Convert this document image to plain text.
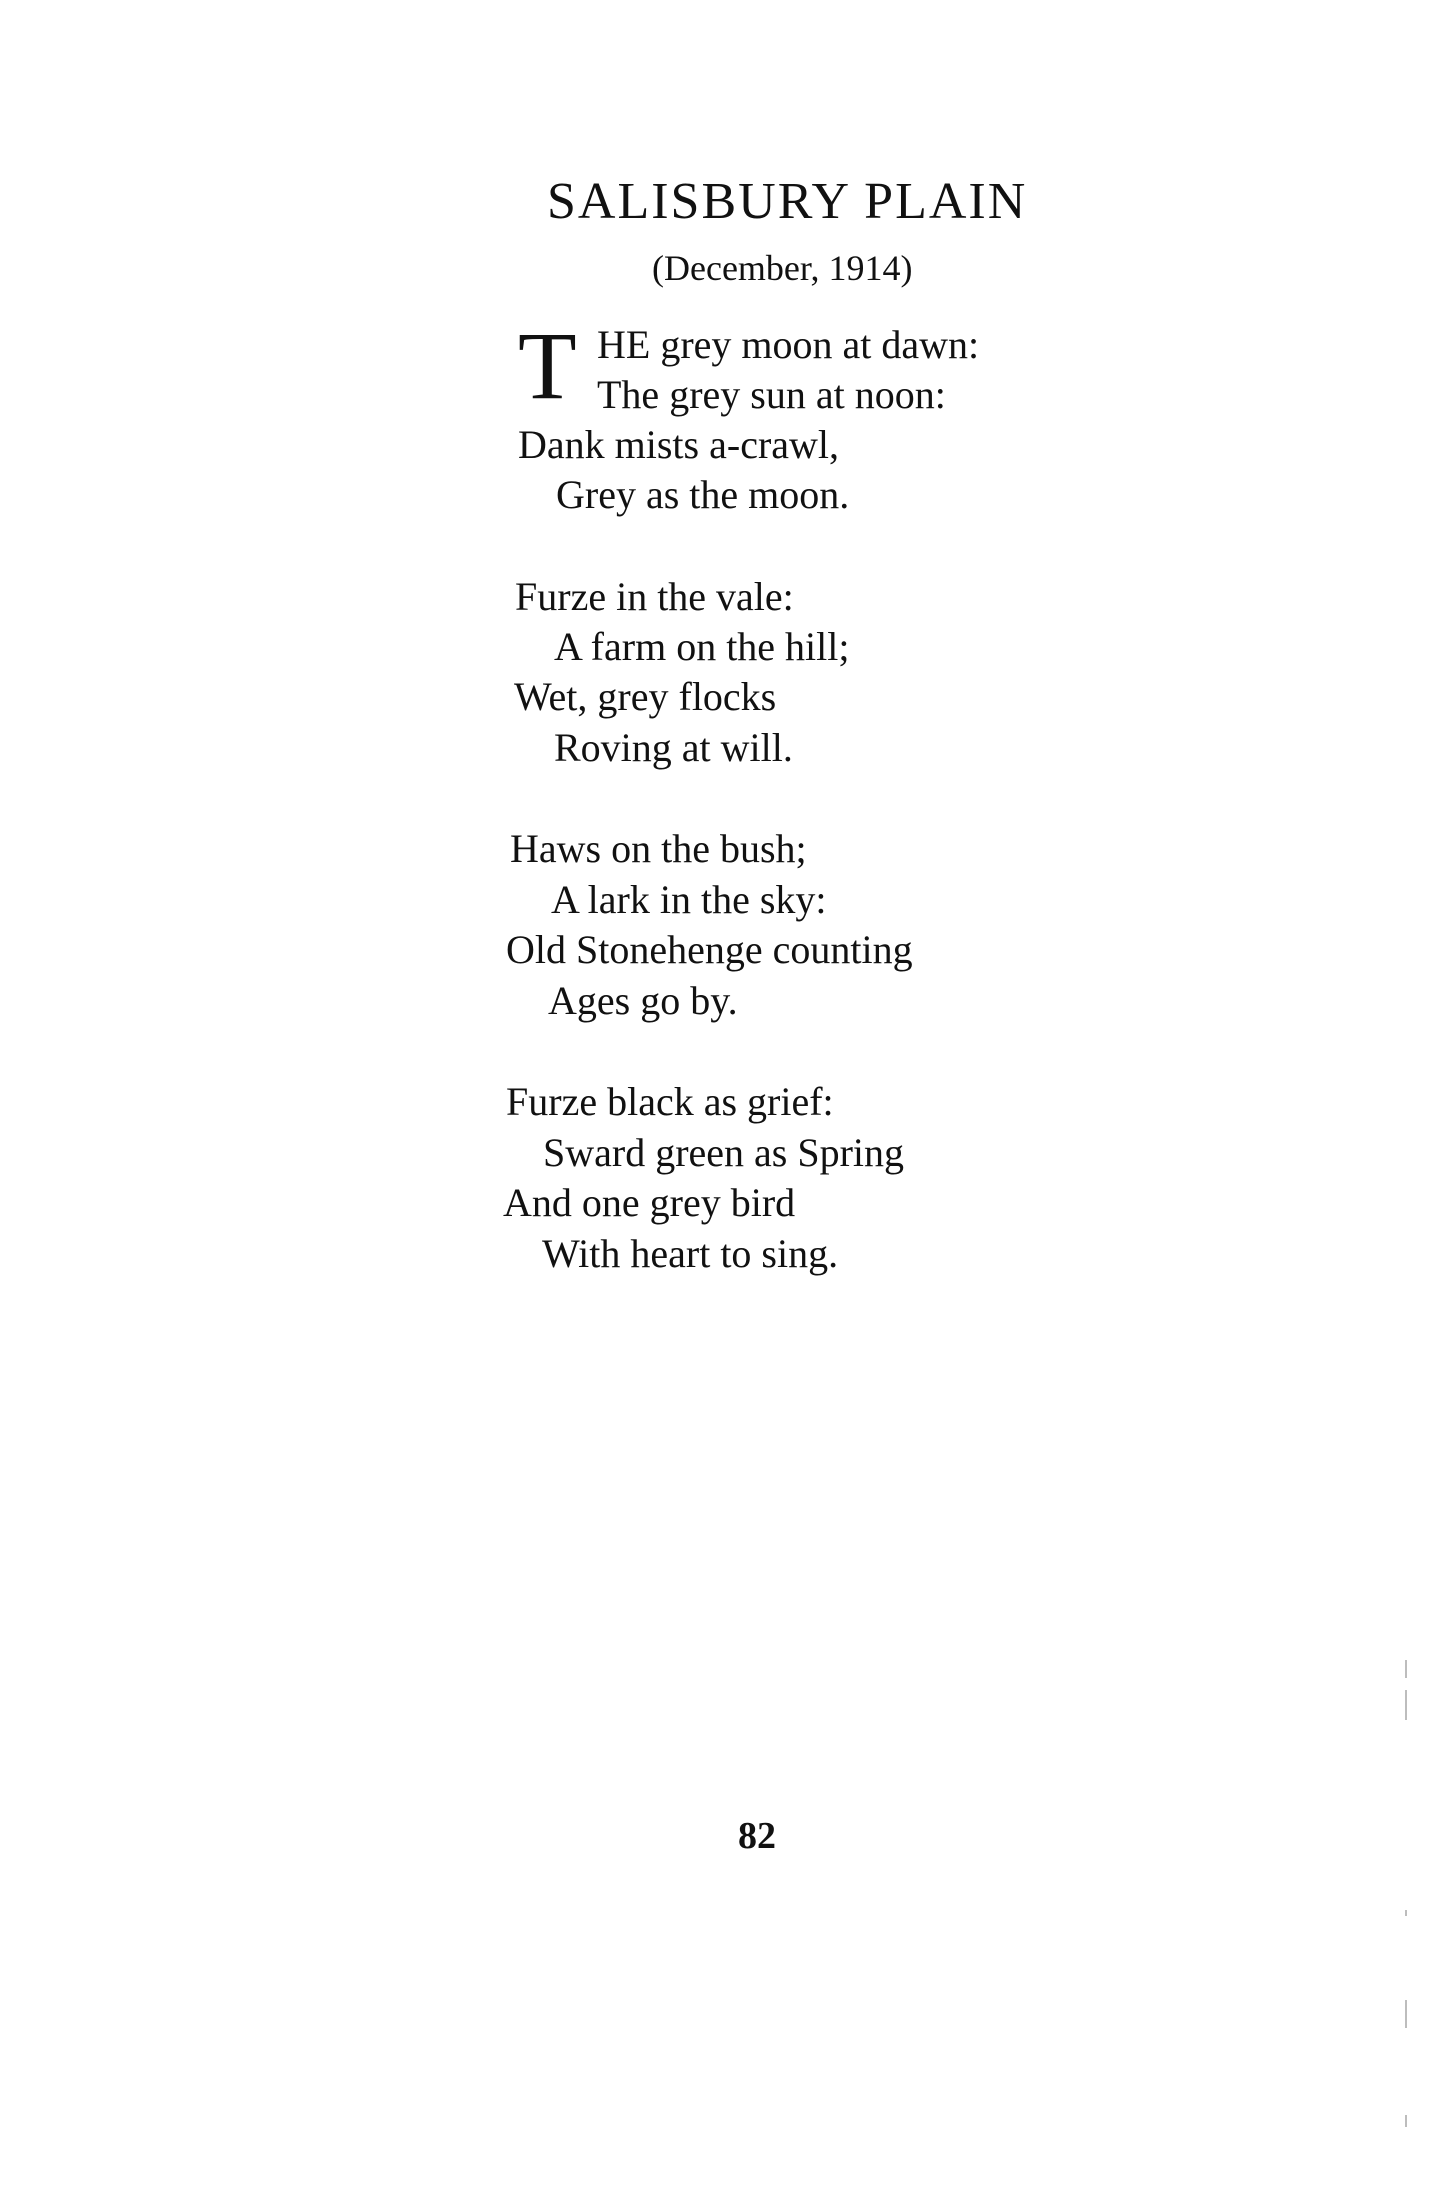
SALISBURY PLAIN
(December, 1914)
T HE grey moon at dawn:
The grey sun at noon:
Dank mists a-crawl,
Grey as the moon.
Furze in the vale:
A farm on the hill;
Wet, grey flocks
Roving at will.
Haws on the bush;
A lark in the sky:
Old Stonehenge counting
Ages go by.
Furze black as grief:
Sward green as Spring
And one grey bird
With heart to sing.
82
